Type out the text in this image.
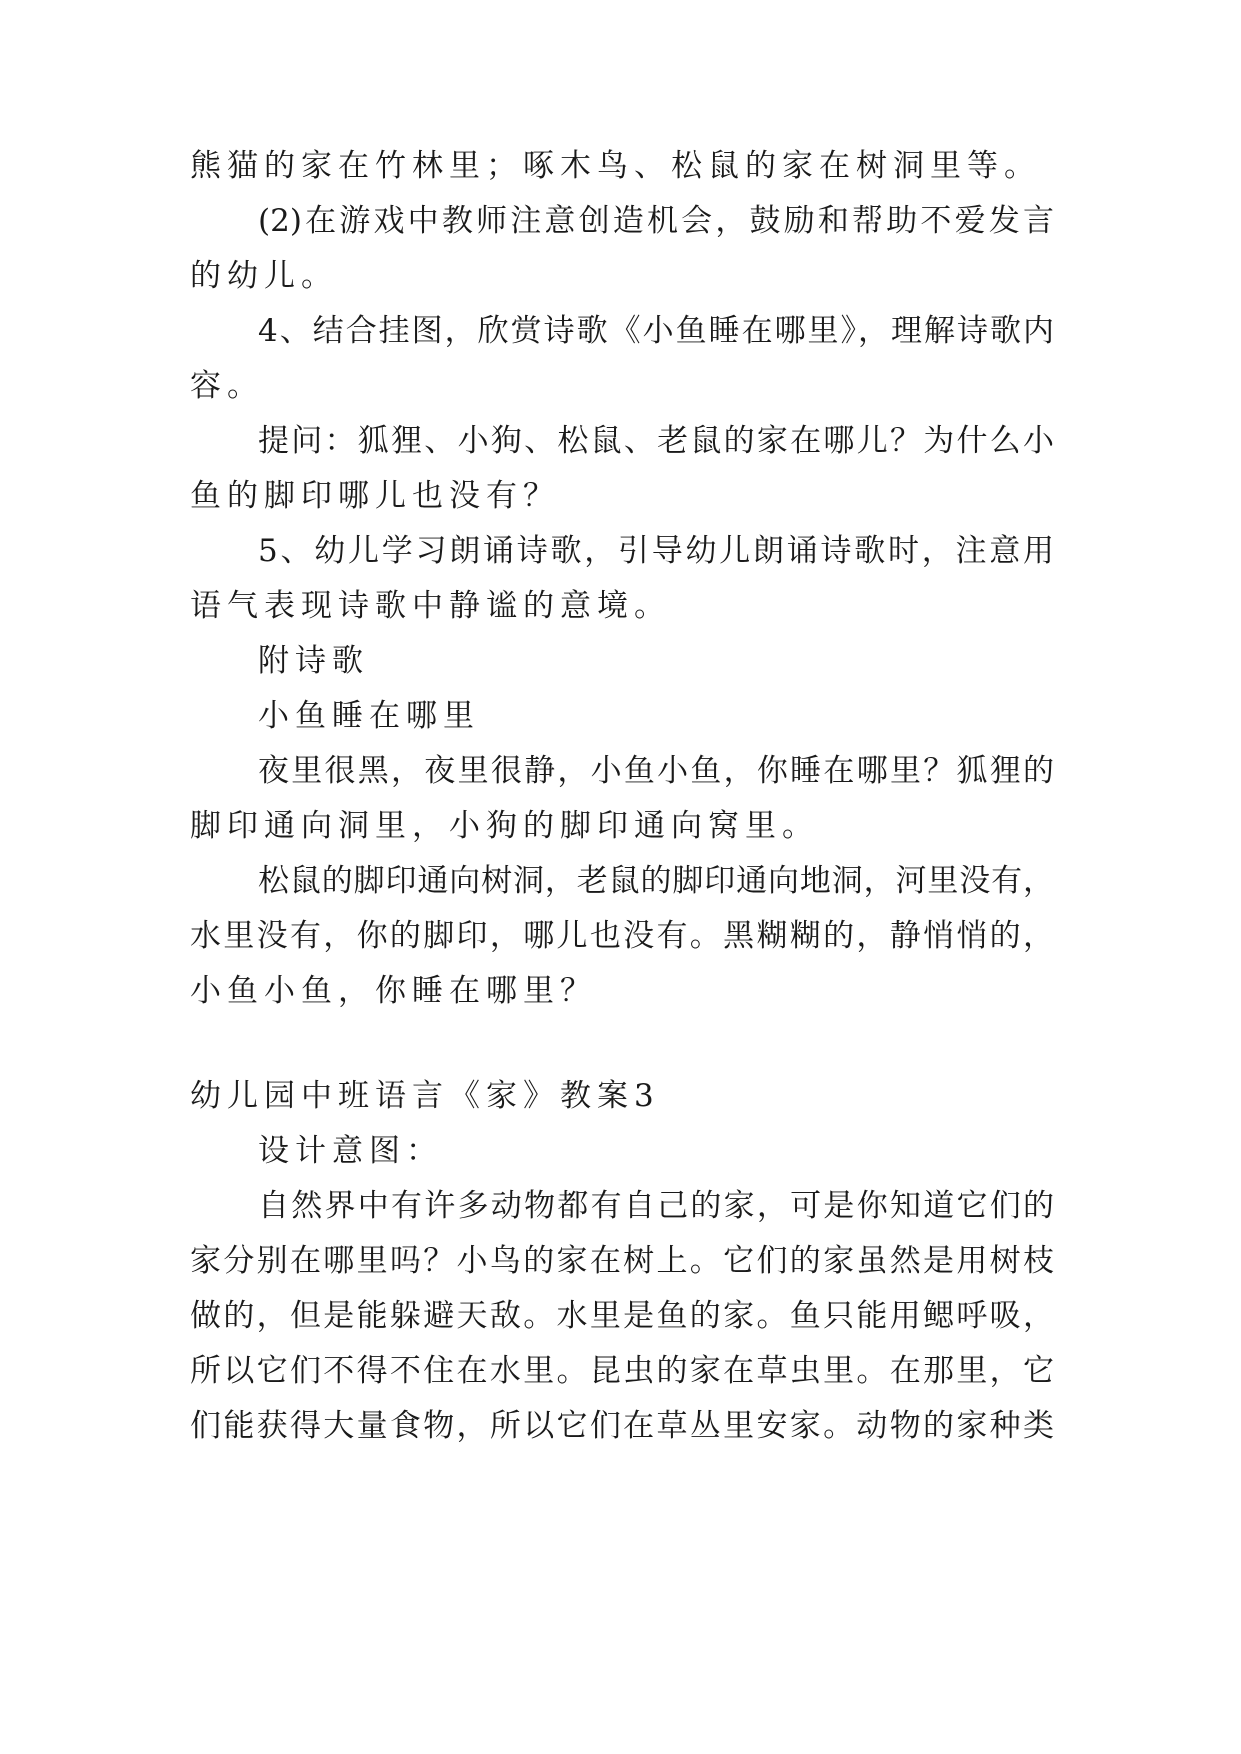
熊猫的家在竹林里；啄木鸟、松鼠的家在树洞里等。
(2)在游戏中教师注意创造机会，鼓励和帮助不爱发言
的幼儿。
4、结合挂图，欣赏诗歌《小鱼睡在哪里》，理解诗歌内
容。
提问：狐狸、小狗、松鼠、老鼠的家在哪儿？为什么小
鱼的脚印哪儿也没有？
5、幼儿学习朗诵诗歌，引导幼儿朗诵诗歌时，注意用
语气表现诗歌中静谧的意境。
附诗歌
小鱼睡在哪里
夜里很黑，夜里很静，小鱼小鱼，你睡在哪里？狐狸的
脚印通向洞里，小狗的脚印通向窝里。
松鼠的脚印通向树洞，老鼠的脚印通向地洞，河里没有，
水里没有，你的脚印，哪儿也没有。黑糊糊的，静悄悄的，
小鱼小鱼，你睡在哪里？
幼儿园中班语言《家》教案3
设计意图：
自然界中有许多动物都有自己的家，可是你知道它们的
家分别在哪里吗？小鸟的家在树上。它们的家虽然是用树枝
做的，但是能躲避天敌。水里是鱼的家。鱼只能用鳃呼吸，
所以它们不得不住在水里。昆虫的家在草虫里。在那里，它
们能获得大量食物，所以它们在草丛里安家。动物的家种类
